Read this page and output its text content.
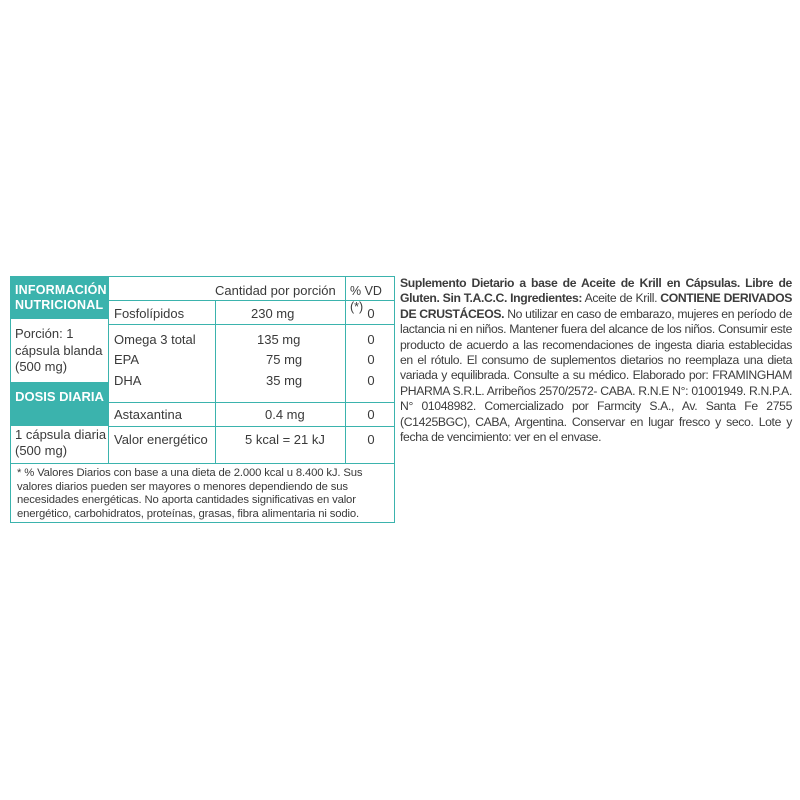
INFORMACIÓN NUTRICIONAL
Cantidad por porción	% VD (*)
Porción: 1 cápsula blanda (500 mg)
DOSIS DIARIA
1 cápsula diaria (500 mg)
Fosfolípidos	230 mg	0
Omega 3 total	135 mg	0
EPA	75 mg	0
DHA	35 mg	0
Astaxantina	0.4 mg	0
Valor energético	5 kcal = 21 kJ	0
* % Valores Diarios con base a una dieta de 2.000 kcal u 8.400 kJ. Sus valores diarios pueden ser mayores o menores dependiendo de sus necesidades energéticas. No aporta cantidades significativas en valor energético, carbohidratos, proteínas, grasas, fibra alimentaria ni sodio.
Suplemento Dietario a base de Aceite de Krill en Cápsulas. Libre de Gluten. Sin T.A.C.C. Ingredientes: Aceite de Krill. CONTIENE DERIVADOS DE CRUSTÁCEOS. No utilizar en caso de embarazo, mujeres en período de lactancia ni en niños. Mantener fuera del alcance de los niños. Consumir este producto de acuerdo a las recomendaciones de ingesta diaria establecidas en el rótulo. El consumo de suplementos dietarios no reemplaza una dieta variada y equilibrada. Consulte a su médico. Elaborado por: FRAMINGHAM PHARMA S.R.L. Arribeños 2570/2572- CABA. R.N.E N°: 01001949. R.N.P.A. N° 01048982. Comercializado por Farmcity S.A., Av. Santa Fe 2755 (C1425BGC), CABA, Argentina. Conservar en lugar fresco y seco. Lote y fecha de vencimiento: ver en el envase.
